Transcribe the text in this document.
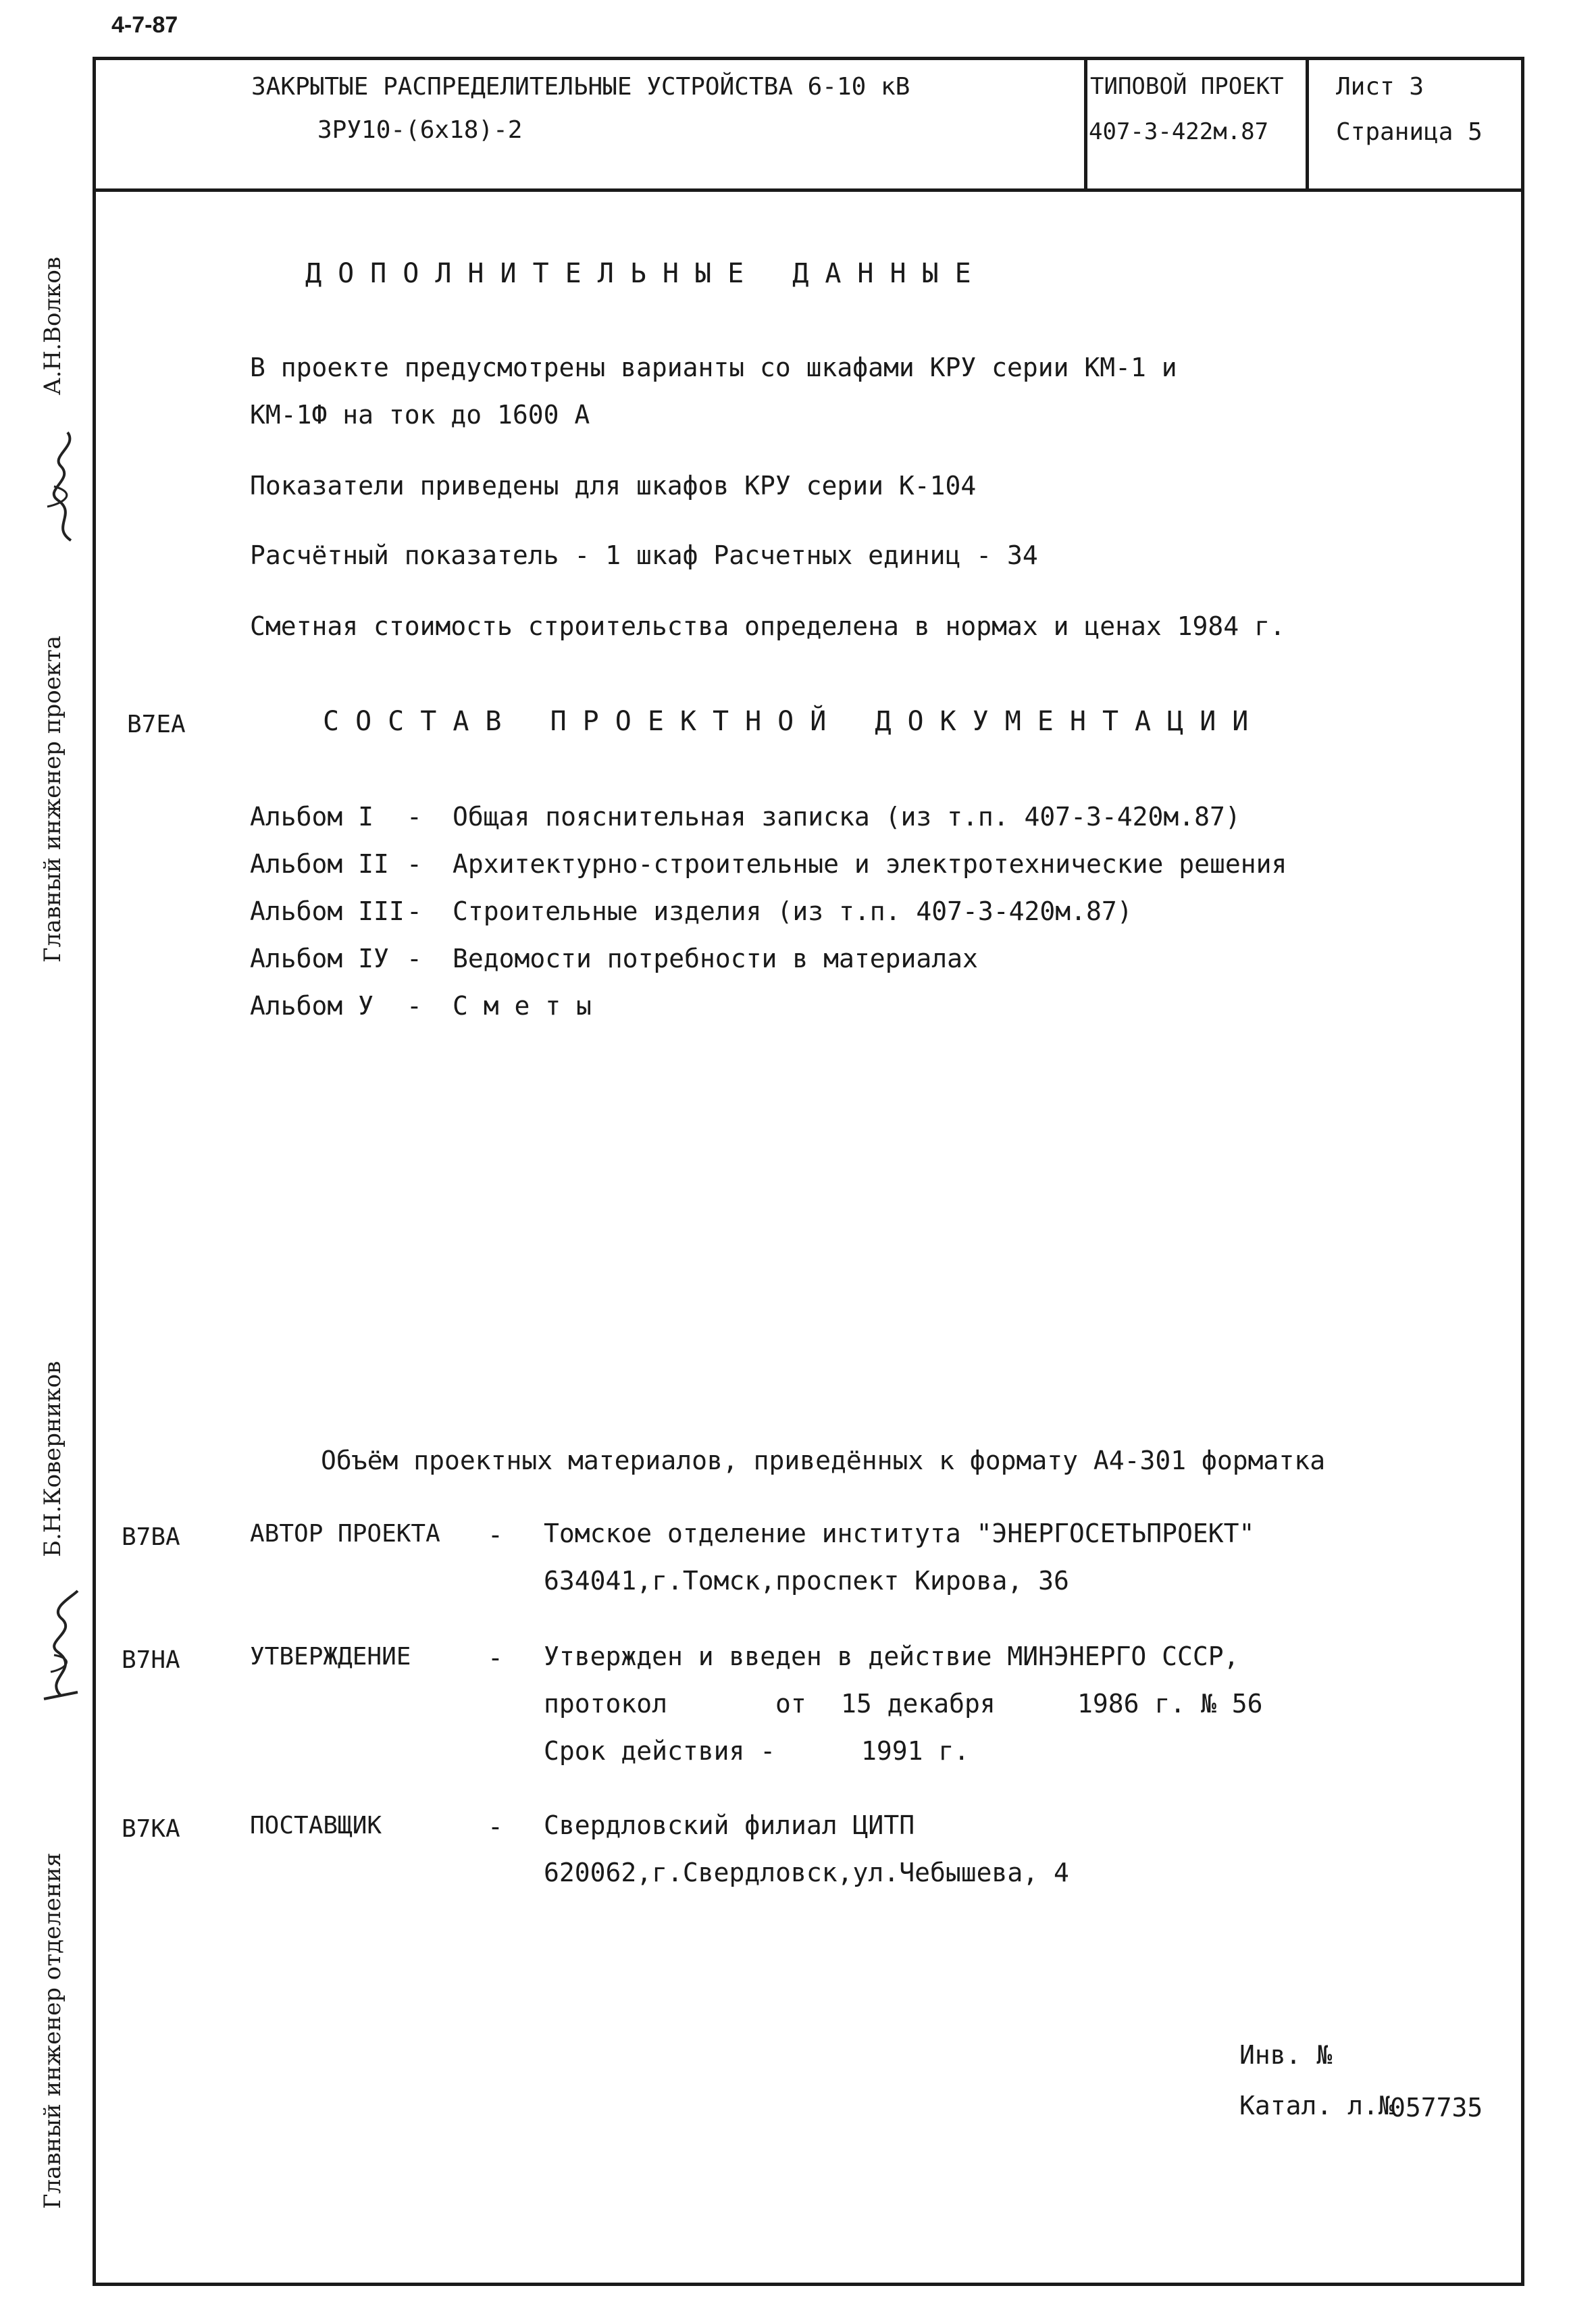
4-7-87
ЗАКРЫТЫЕ РАСПРЕДЕЛИТЕЛЬНЫЕ УСТРОЙСТВА 6-10 кВ
ЗРУ10-(6х18)-2
ТИПОВОЙ ПРОЕКТ
407-3-422м.87
Лист 3
Страница 5
А.Н.Волков
Главный инженер проекта
Б.Н.Коверников
Главный инженер отделения
ДОПОЛНИТЕЛЬНЫЕ ДАННЫЕ
В проекте предусмотрены варианты со шкафами КРУ серии КМ-1 и
КМ-1Ф на ток до 1600 А
Показатели приведены для шкафов КРУ серии К-104
Расчётный показатель - 1 шкаф Расчетных единиц - 34
Сметная стоимость строительства определена в нормах и ценах 1984 г.
В7ЕА	СОСТАВ ПРОЕКТНОЙ ДОКУМЕНТАЦИИ
Альбом I - Общая пояснительная записка (из т.п. 407-3-420м.87)
Альбом II - Архитектурно-строительные и электротехнические решения
Альбом III - Строительные изделия (из т.п. 407-3-420м.87)
Альбом IУ - Ведомости потребности в материалах
Альбом У - С м е т ы
Объём проектных материалов, приведённых к формату А4-301 форматка
В7ВА	АВТОР ПРОЕКТА - Томское отделение института "ЭНЕРГОСЕТЬПРОЕКТ"
634041,г.Томск,проспект Кирова, 36
В7НА	УТВЕРЖДЕНИЕ	- Утвержден и введен в действие МИНЭНЕРГО СССР,
протокол	от 15 декабря	1986 г. № 56
Срок действия -	1991 г.
В7КА	ПОСТАВЩИК	- Свердловский филиал ЦИТП
620062,г.Свердловск,ул.Чебышева, 4
Инв. №
Катал. л.№
057735
